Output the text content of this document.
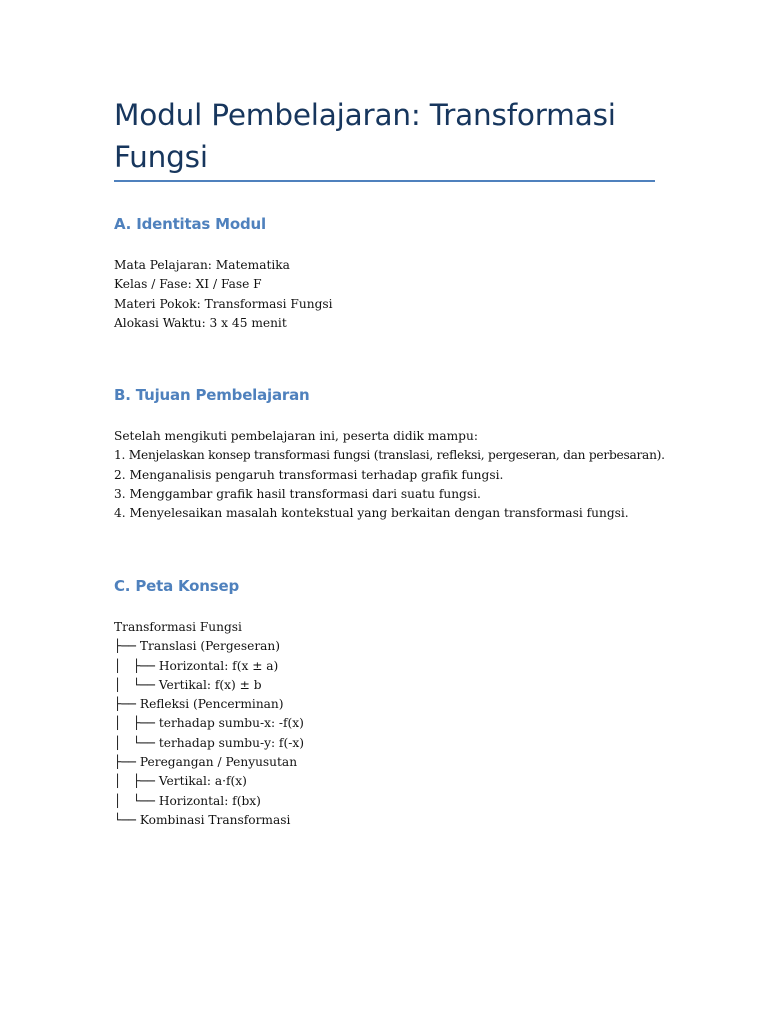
Modul Pembelajaran: Transformasi
Fungsi
A. Identitas Modul
Mata Pelajaran: Matematika
Kelas / Fase: XI / Fase F
Materi Pokok: Transformasi Fungsi
Alokasi Waktu: 3 x 45 menit
B. Tujuan Pembelajaran
Setelah mengikuti pembelajaran ini, peserta didik mampu:
1. Menjelaskan konsep transformasi fungsi (translasi, refleksi, pergeseran, dan perbesaran).
2. Menganalisis pengaruh transformasi terhadap grafik fungsi.
3. Menggambar grafik hasil transformasi dari suatu fungsi.
4. Menyelesaikan masalah kontekstual yang berkaitan dengan transformasi fungsi.
C. Peta Konsep
Transformasi Fungsi
├── Translasi (Pergeseran)
│   ├── Horizontal: f(x ± a)
│   └── Vertikal: f(x) ± b
├── Refleksi (Pencerminan)
│   ├── terhadap sumbu-x: -f(x)
│   └── terhadap sumbu-y: f(-x)
├── Peregangan / Penyusutan
│   ├── Vertikal: a·f(x)
│   └── Horizontal: f(bx)
└── Kombinasi Transformasi
